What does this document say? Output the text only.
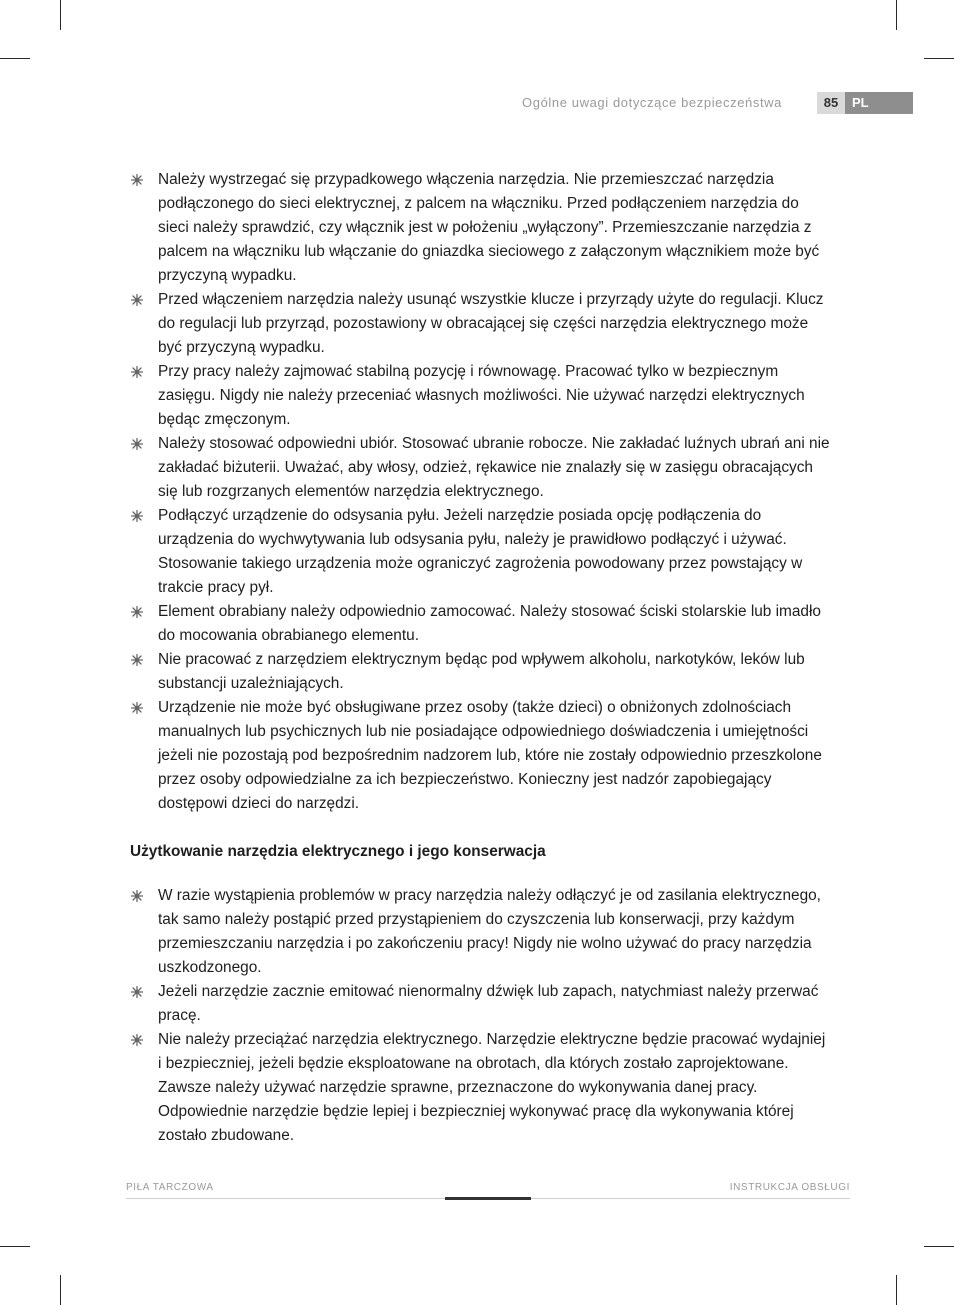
Ogólne uwagi dotyczące bezpieczeństwa	85	PL
Należy wystrzegać się przypadkowego włączenia narzędzia. Nie przemieszczać narzędzia podłączonego do sieci elektrycznej, z palcem na włączniku. Przed podłączeniem narzędzia do sieci należy sprawdzić, czy włącznik jest w położeniu „wyłączony”. Przemieszczanie narzędzia z palcem na włączniku lub włączanie do gniazdka sieciowego z załączonym włącznikiem może być przyczyną wypadku.
Przed włączeniem narzędzia należy usunąć wszystkie klucze i przyrządy użyte do regulacji. Klucz do regulacji lub przyrząd, pozostawiony w obracającej się części narzędzia elektrycznego może być przyczyną wypadku.
Przy pracy należy zajmować stabilną pozycję i równowagę. Pracować tylko w bezpiecznym zasięgu. Nigdy nie należy przeceniać własnych możliwości. Nie używać narzędzi elektrycznych będąc zmęczonym.
Należy stosować odpowiedni ubiór. Stosować ubranie robocze. Nie zakładać luźnych ubrań ani nie zakładać biżuterii. Uważać, aby włosy, odzież, rękawice nie znalazły się w zasięgu obracających się lub rozgrzanych elementów narzędzia elektrycznego.
Podłączyć urządzenie do odsysania pyłu. Jeżeli narzędzie posiada opcję podłączenia do urządzenia do wychwytywania lub odsysania pyłu, należy je prawidłowo podłączyć i używać. Stosowanie takiego urządzenia może ograniczyć zagrożenia powodowany przez powstający w trakcie pracy pył.
Element obrabiany należy odpowiednio zamocować. Należy stosować ściski stolarskie lub imadło do mocowania obrabianego elementu.
Nie pracować z narzędziem elektrycznym będąc pod wpływem alkoholu, narkotyków, leków lub substancji uzależniających.
Urządzenie nie może być obsługiwane przez osoby (także dzieci) o obniżonych zdolnościach manualnych lub psychicznych lub nie posiadające odpowiedniego doświadczenia i umiejętności jeżeli nie pozostają pod bezpośrednim nadzorem lub, które nie zostały odpowiednio przeszkolone przez osoby odpowiedzialne za ich bezpieczeństwo. Konieczny jest nadzór zapobiegający dostępowi dzieci do narzędzi.
Użytkowanie narzędzia elektrycznego i jego konserwacja
W razie wystąpienia problemów w pracy narzędzia należy odłączyć je od zasilania elektrycznego, tak samo należy postąpić przed przystąpieniem do czyszczenia lub konserwacji, przy każdym przemieszczaniu narzędzia i po zakończeniu pracy! Nigdy nie wolno używać do pracy narzędzia uszkodzonego.
Jeżeli narzędzie zacznie emitować nienormalny dźwięk lub zapach, natychmiast należy przerwać pracę.
Nie należy przeciążać narzędzia elektrycznego. Narzędzie elektryczne będzie pracować wydajniej i bezpieczniej, jeżeli będzie eksploatowane na obrotach, dla których zostało zaprojektowane. Zawsze należy używać narzędzie sprawne, przeznaczone do wykonywania danej pracy. Odpowiednie narzędzie będzie lepiej i bezpieczniej wykonywać pracę dla wykonywania której zostało zbudowane.
PIŁA TARCZOWA	INSTRUKCJA OBSŁUGI
